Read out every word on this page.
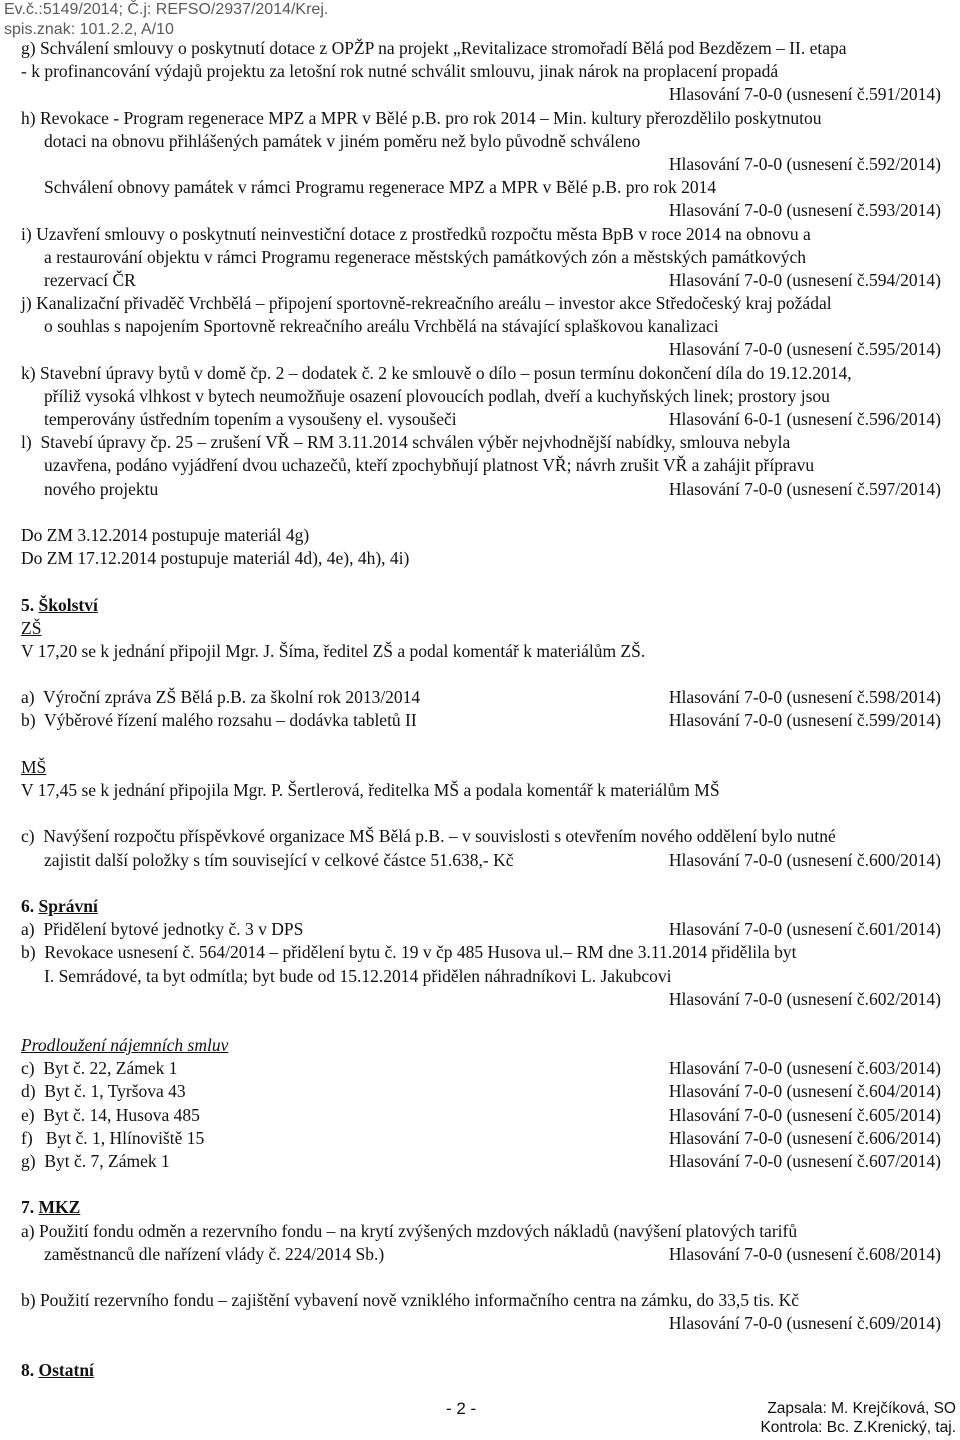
Ev.č.:5149/2014; Č.j: REFSO/2937/2014/Krej.
spis.znak: 101.2.2, A/10
g) Schválení smlouvy o poskytnutí dotace z OPŽP na projekt „Revitalizace stromořadí Bělá pod Bezdězem – II. etapa
- k profinancování výdajů projektu za letošní rok nutné schválit smlouvu, jinak nárok na proplacení propadá
Hlasování 7-0-0 (usnesení č.591/2014)
h) Revokace - Program regenerace MPZ a MPR v Bělé p.B. pro rok 2014 – Min. kultury přerozdělilo poskytnutou
dotaci na obnovu přihlášených památek v jiném poměru než bylo původně schváleno
Hlasování 7-0-0 (usnesení č.592/2014)
Schválení obnovy památek v rámci Programu regenerace MPZ a MPR v Bělé p.B. pro rok 2014
Hlasování 7-0-0 (usnesení č.593/2014)
i) Uzavření smlouvy o poskytnutí neinvestiční dotace z prostředků rozpočtu města BpB v roce 2014 na obnovu a
a restaurování objektu v rámci Programu regenerace městských památkových zón a městských památkových
rezervací ČR	Hlasování 7-0-0 (usnesení č.594/2014)
j) Kanalizační přivaděč Vrchbělá – připojení sportovně-rekreačního areálu – investor akce Středočeský kraj požádal
o souhlas s napojením Sportovně rekreačního areálu Vrchbělá na stávající splaškovou kanalizaci
Hlasování 7-0-0 (usnesení č.595/2014)
k) Stavební úpravy bytů v domě čp. 2 – dodatek č. 2 ke smlouvě o dílo – posun termínu dokončení díla do 19.12.2014,
příliž vysoká vlhkost v bytech neumožňuje osazení plovoucích podlah, dveří a kuchyňských linek; prostory jsou
temperovány ústředním topením a vysoušeny el. vysoušeči	Hlasování 6-0-1 (usnesení č.596/2014)
l)  Stavebí úpravy čp. 25 – zrušení VŘ – RM 3.11.2014 schválen výběr nejvhodnější nabídky, smlouva nebyla
uzavřena, podáno vyjádření dvou uchazečů, kteří zpochybňují platnost VŘ; návrh zrušit VŘ a zahájit přípravu
nového projektu	Hlasování 7-0-0 (usnesení č.597/2014)
Do ZM 3.12.2014 postupuje materiál 4g)
Do ZM 17.12.2014 postupuje materiál 4d), 4e), 4h), 4i)
5. Školství
ZŠ
V 17,20 se k jednání připojil Mgr. J. Šíma, ředitel ZŠ a podal komentář k materiálům ZŠ.
a)  Výroční zpráva ZŠ Bělá p.B. za školní rok 2013/2014	Hlasování 7-0-0 (usnesení č.598/2014)
b)  Výběrové řízení malého rozsahu – dodávka tabletů II	Hlasování 7-0-0 (usnesení č.599/2014)
MŠ
V 17,45 se k jednání připojila Mgr. P. Šertlerová, ředitelka MŠ a podala komentář k materiálům MŠ
c)  Navýšení rozpočtu příspěvkové organizace MŠ Bělá p.B. – v souvislosti s otevřením nového oddělení bylo nutné
zajistit další položky s tím související v celkové částce 51.638,- Kč	Hlasování 7-0-0 (usnesení č.600/2014)
6. Správní
a)  Přidělení bytové jednotky č. 3 v DPS	Hlasování 7-0-0 (usnesení č.601/2014)
b)  Revokace usnesení č. 564/2014 – přidělení bytu č. 19 v čp 485 Husova ul.– RM dne 3.11.2014 přidělila byt
I. Semrádové, ta byt odmítla; byt bude od 15.12.2014 přidělen náhradníkovi L. Jakubcovi
Hlasování 7-0-0 (usnesení č.602/2014)
Prodloužení nájemních smluv
c)  Byt č. 22, Zámek 1	Hlasování 7-0-0 (usnesení č.603/2014)
d)  Byt č. 1, Tyršova 43	Hlasování 7-0-0 (usnesení č.604/2014)
e)  Byt č. 14, Husova 485	Hlasování 7-0-0 (usnesení č.605/2014)
f)   Byt č. 1, Hlínoviště 15	Hlasování 7-0-0 (usnesení č.606/2014)
g)  Byt č. 7, Zámek 1	Hlasování 7-0-0 (usnesení č.607/2014)
7. MKZ
a) Použití fondu odměn a rezervního fondu – na krytí zvýšených mzdových nákladů (navýšení platových tarifů
zaměstnanců dle nařízení vlády č. 224/2014 Sb.)	Hlasování 7-0-0 (usnesení č.608/2014)
b) Použití rezervního fondu – zajištění vybavení nově vzniklého informačního centra na zámku, do 33,5 tis. Kč
Hlasování 7-0-0 (usnesení č.609/2014)
8. Ostatní
- 2 -	Zapsala: M. Krejčíková, SO
Kontrola: Bc. Z.Krenický, taj.
